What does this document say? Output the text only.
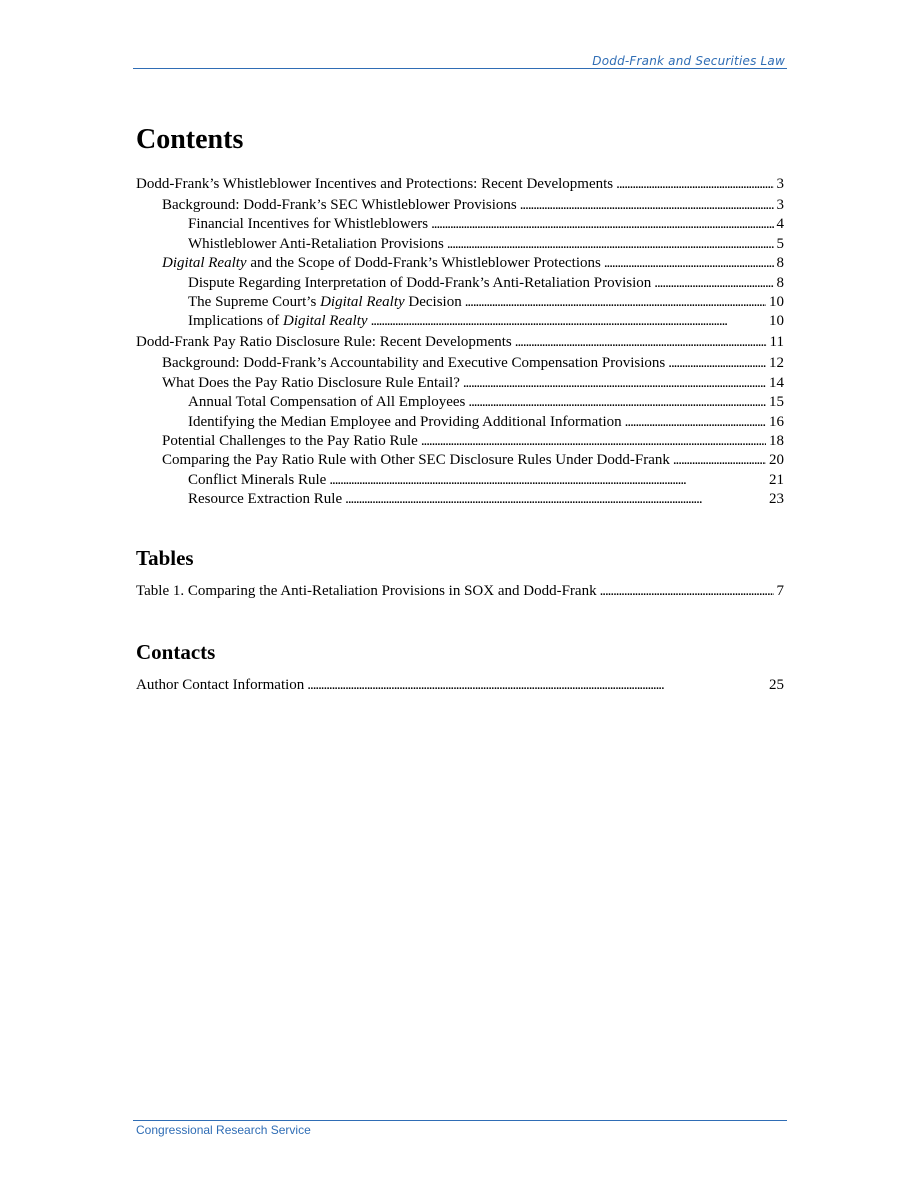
Dodd-Frank and Securities Law
Contents
Dodd-Frank’s Whistleblower Incentives and Protections: Recent Developments . . .	3
Background: Dodd-Frank’s SEC Whistleblower Provisions . . .	3
Financial Incentives for Whistleblowers . . .	4
Whistleblower Anti-Retaliation Provisions . . .	5
Digital Realty and the Scope of Dodd-Frank’s Whistleblower Protections . . .	8
Dispute Regarding Interpretation of Dodd-Frank’s Anti-Retaliation Provision . . .	8
The Supreme Court’s Digital Realty Decision . . .	10
Implications of Digital Realty . . .	10
Dodd-Frank Pay Ratio Disclosure Rule: Recent Developments . . .	11
Background: Dodd-Frank’s Accountability and Executive Compensation Provisions . . .	12
What Does the Pay Ratio Disclosure Rule Entail? . . .	14
Annual Total Compensation of All Employees . . .	15
Identifying the Median Employee and Providing Additional Information . . .	16
Potential Challenges to the Pay Ratio Rule . . .	18
Comparing the Pay Ratio Rule with Other SEC Disclosure Rules Under Dodd-Frank . . .	20
Conflict Minerals Rule . . .	21
Resource Extraction Rule . . .	23
Tables
Table 1. Comparing the Anti-Retaliation Provisions in SOX and Dodd-Frank . . .	7
Contacts
Author Contact Information . . .	25
Congressional Research Service
